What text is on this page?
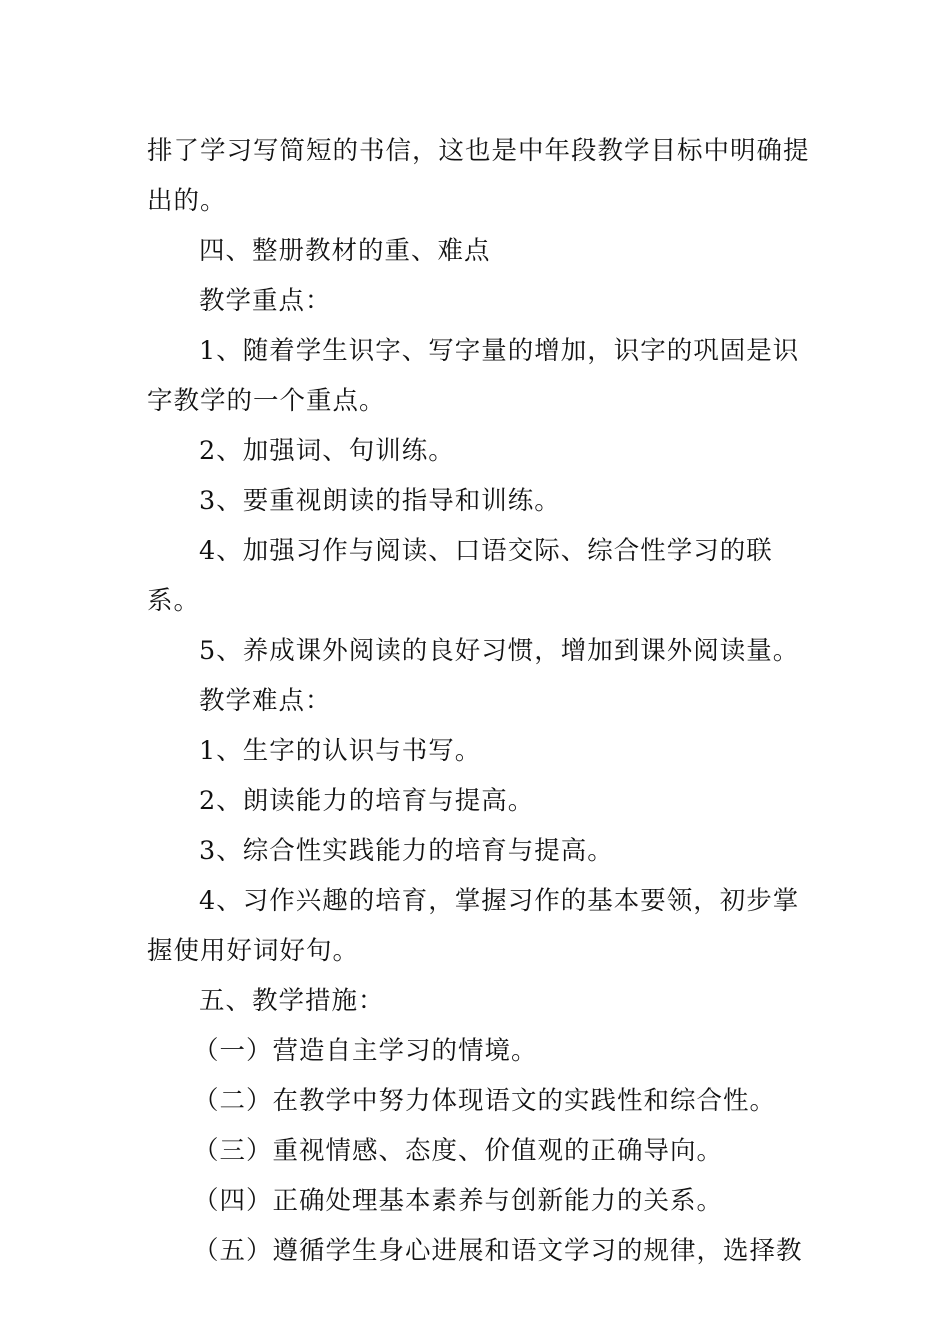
排了学习写简短的书信，这也是中年段教学目标中明确提出的。

四、整册教材的重、难点

教学重点：

1、随着学生识字、写字量的增加，识字的巩固是识字教学的一个重点。

2、加强词、句训练。

3、要重视朗读的指导和训练。

4、加强习作与阅读、口语交际、综合性学习的联系。

5、养成课外阅读的良好习惯，增加到课外阅读量。

教学难点：

1、生字的认识与书写。

2、朗读能力的培育与提高。

3、综合性实践能力的培育与提高。

4、习作兴趣的培育，掌握习作的基本要领，初步掌握使用好词好句。

五、教学措施：

（一）营造自主学习的情境。

（二）在教学中努力体现语文的实践性和综合性。

（三）重视情感、态度、价值观的正确导向。

（四）正确处理基本素养与创新能力的关系。

（五）遵循学生身心进展和语文学习的规律，选择教
